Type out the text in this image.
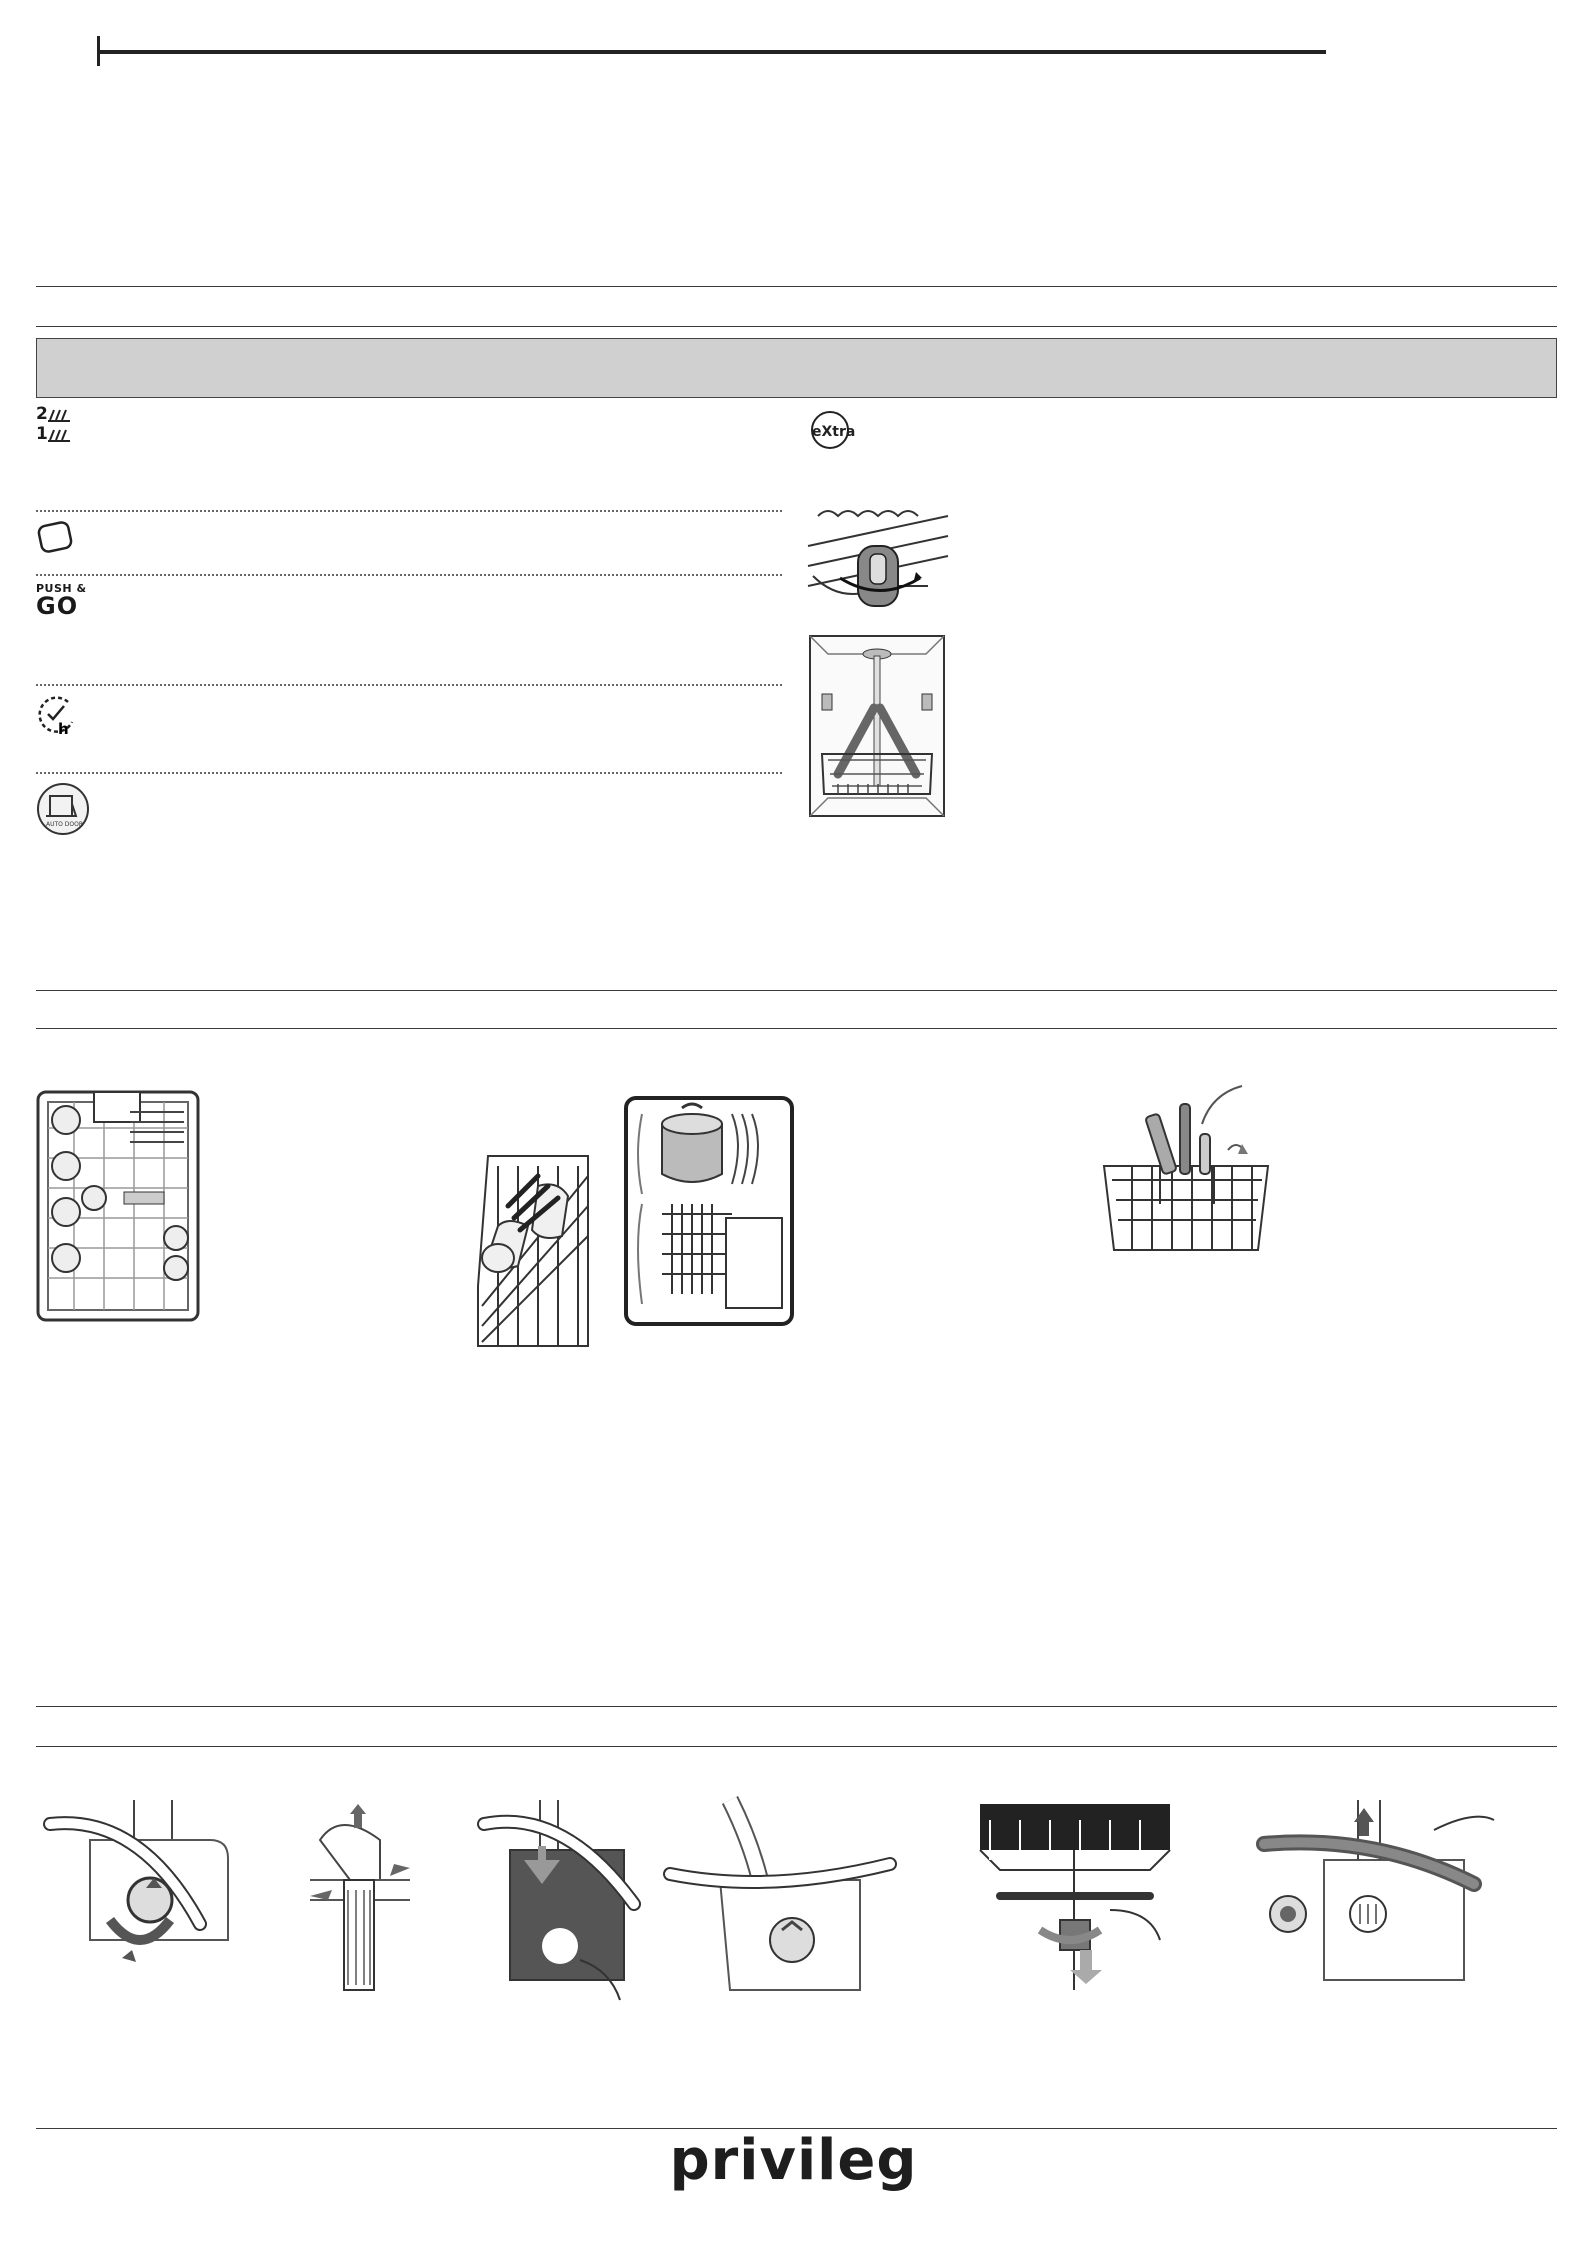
2
1
PUSH &
GO
h
AUTO DOOR
eXtra
privileg
